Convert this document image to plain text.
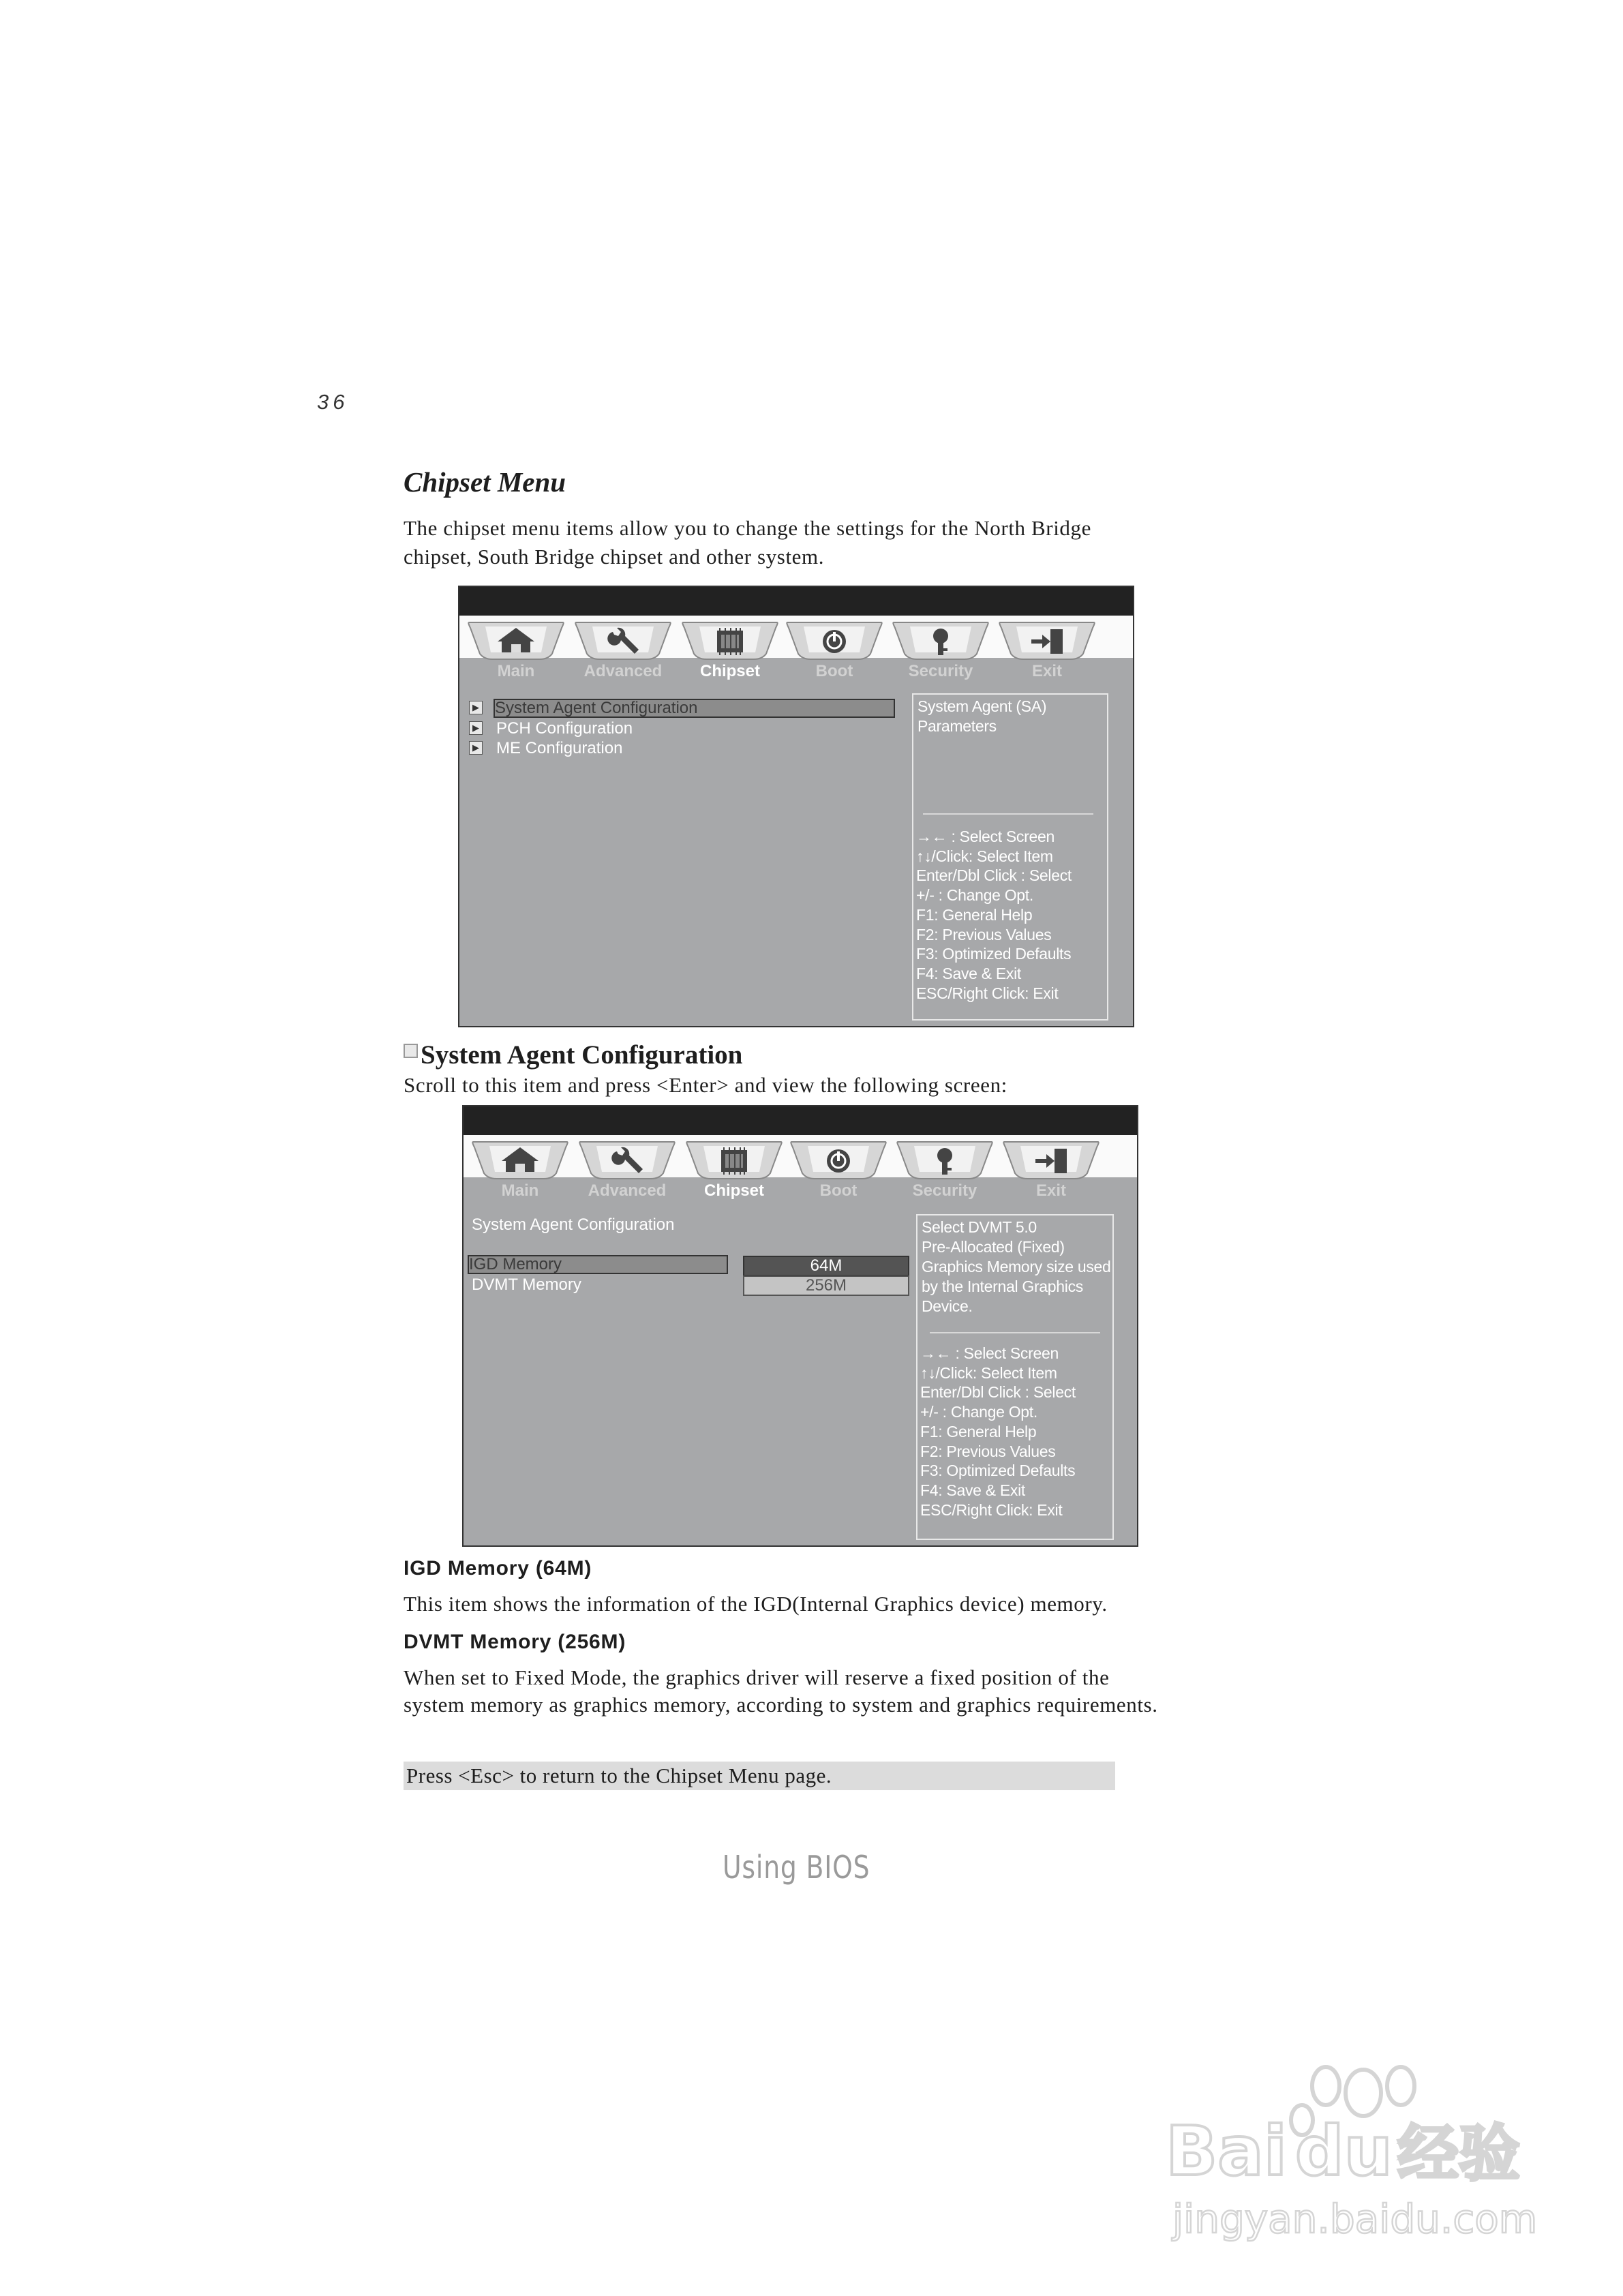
36
Chipset Menu
The chipset menu items allow you to change the settings for the North Bridge
chipset, South Bridge chipset and other system.
Main	Advanced	Chipset	Boot	Security	Exit
▶ System Agent Configuration
▶ PCH Configuration
▶ ME Configuration
System Agent (SA)
Parameters
→← : Select Screen
↑↓/Click: Select Item
Enter/Dbl Click : Select
+/- : Change Opt.
F1: General Help
F2: Previous Values
F3: Optimized Defaults
F4: Save & Exit
ESC/Right Click: Exit
System Agent Configuration
Scroll to this item and press <Enter> and view the following screen:
Main	Advanced	Chipset	Boot	Security	Exit
System Agent Configuration
IGD Memory	64M
DVMT Memory	256M
Select DVMT 5.0
Pre-Allocated (Fixed)
Graphics Memory size used
by the Internal Graphics
Device.
→← : Select Screen
↑↓/Click: Select Item
Enter/Dbl Click : Select
+/- : Change Opt.
F1: General Help
F2: Previous Values
F3: Optimized Defaults
F4: Save & Exit
ESC/Right Click: Exit
IGD Memory (64M)
This item shows the information of the IGD(Internal Graphics device) memory.
DVMT Memory (256M)
When set to Fixed Mode, the graphics driver will reserve a fixed position of the
system memory as graphics memory, according to system and graphics requirements.
Press <Esc> to return to the Chipset Menu page.
Using BIOS
Bai du 经验
jingyan.baidu.com
